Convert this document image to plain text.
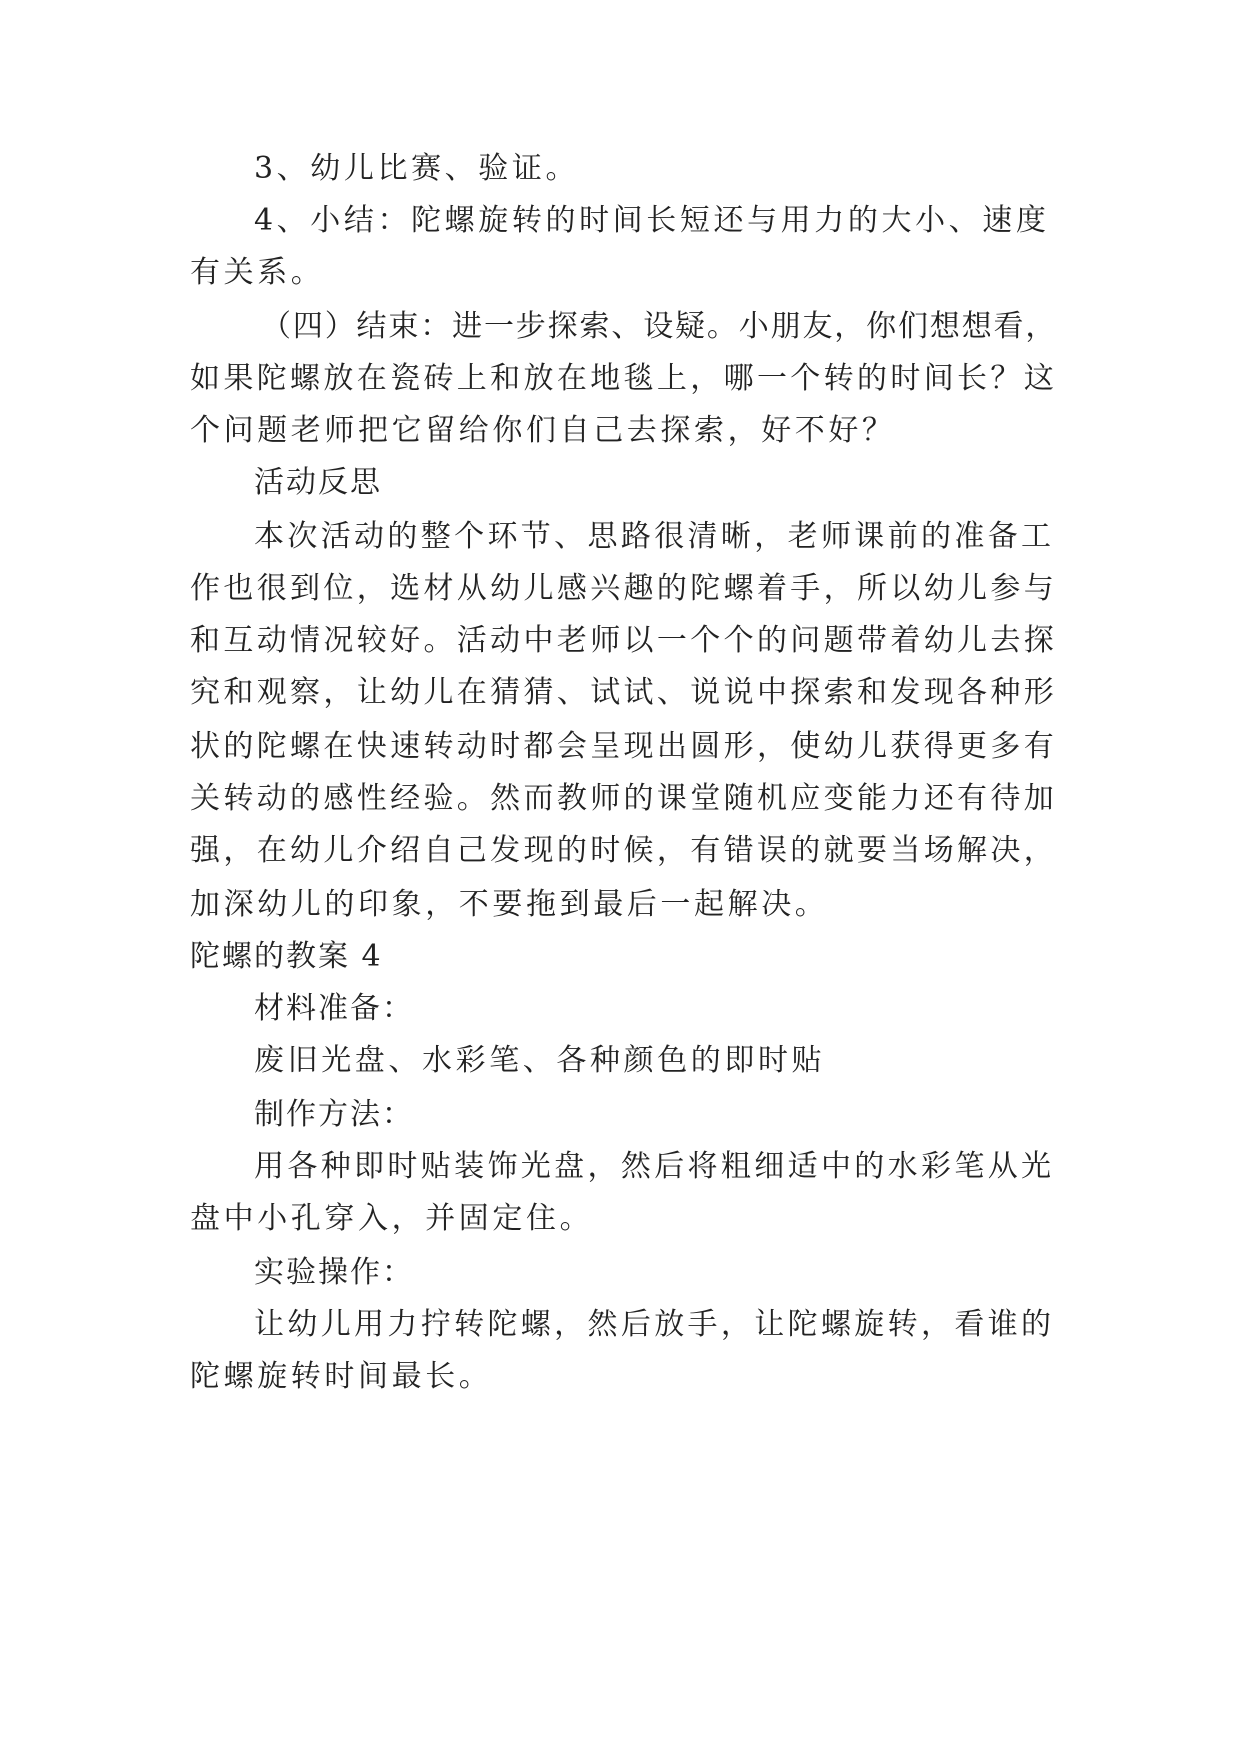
3、幼儿比赛、验证。
4、小结：陀螺旋转的时间长短还与用力的大小、速度
有关系。
（四）结束：进一步探索、设疑。小朋友，你们想想看，
如果陀螺放在瓷砖上和放在地毯上，哪一个转的时间长？这
个问题老师把它留给你们自己去探索，好不好？
活动反思
本次活动的整个环节、思路很清晰，老师课前的准备工
作也很到位，选材从幼儿感兴趣的陀螺着手，所以幼儿参与
和互动情况较好。活动中老师以一个个的问题带着幼儿去探
究和观察，让幼儿在猜猜、试试、说说中探索和发现各种形
状的陀螺在快速转动时都会呈现出圆形，使幼儿获得更多有
关转动的感性经验。然而教师的课堂随机应变能力还有待加
强，在幼儿介绍自己发现的时候，有错误的就要当场解决，
加深幼儿的印象，不要拖到最后一起解决。
陀螺的教案 4
材料准备：
废旧光盘、水彩笔、各种颜色的即时贴
制作方法：
用各种即时贴装饰光盘，然后将粗细适中的水彩笔从光
盘中小孔穿入，并固定住。
实验操作：
让幼儿用力拧转陀螺，然后放手，让陀螺旋转，看谁的
陀螺旋转时间最长。
